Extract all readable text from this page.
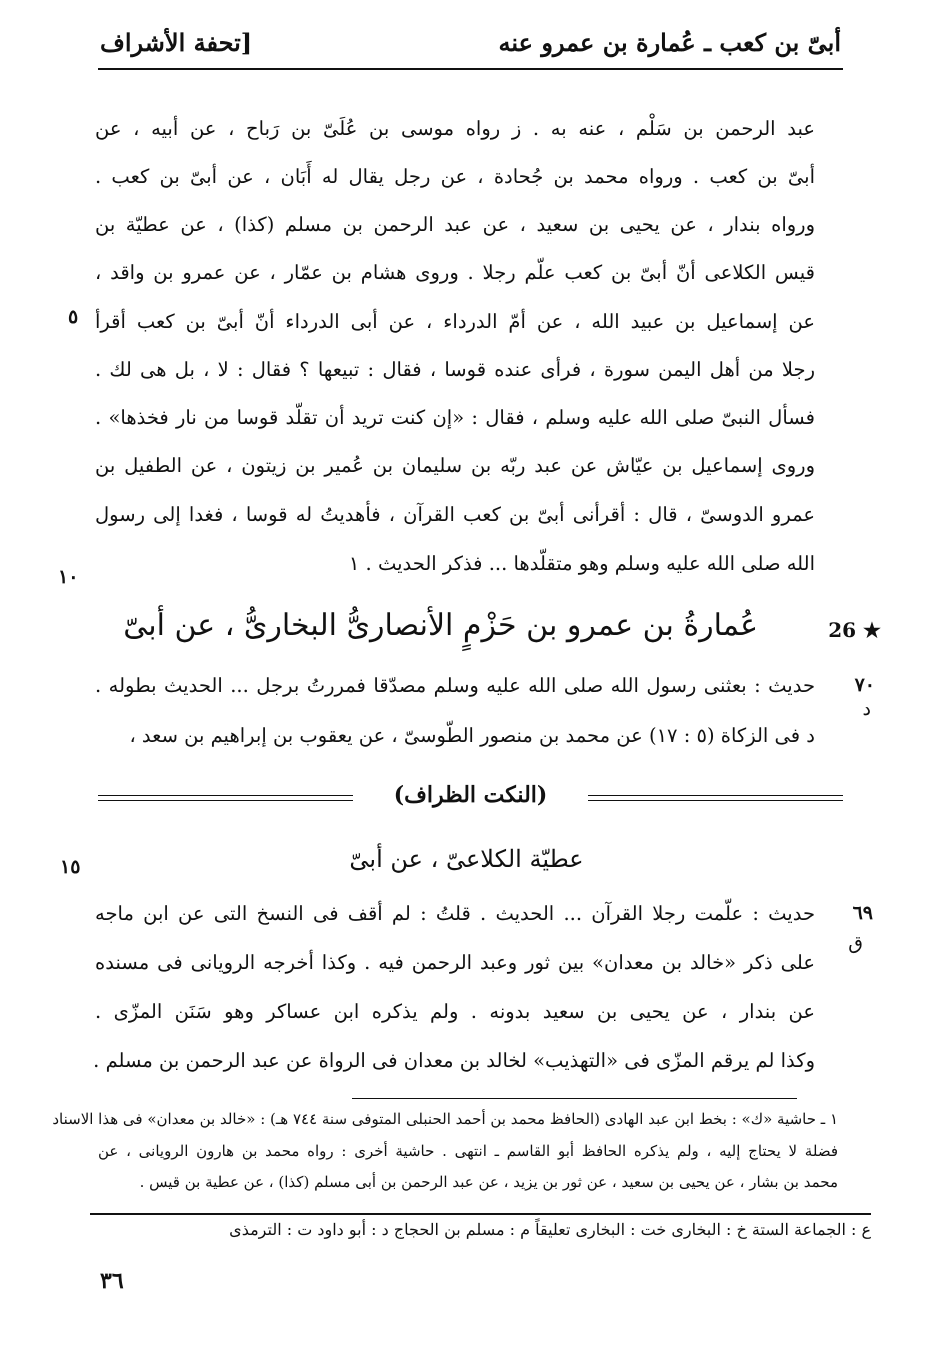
[تحفة الأشراف	أبىّ بن كعب ـ عُمارة بن عمرو عنه
عبد الرحمن بن سَلْم ، عنه به . ز رواه موسى بن عُلَىّ بن رَباح ، عن أبيه ، عن
أبىّ بن كعب . ورواه محمد بن جُحادة ، عن رجل يقال له أَبَان ، عن أبىّ بن كعب .
ورواه بندار ، عن يحيى بن سعيد ، عن عبد الرحمن بن مسلم (كذا) ، عن عطيّة بن
قيس الكلاعى أنّ أبىّ بن كعب علّم رجلا . وروى هشام بن عمّار ، عن عمرو بن واقد ،
عن إسماعيل بن عبيد الله ، عن أمّ الدرداء ، عن أبى الدرداء أنّ أبىّ بن كعب أقرأ
رجلا من أهل اليمن سورة ، فرأى عنده قوسا ، فقال : تبيعها ؟ فقال : لا ، بل هى لك .
فسأل النبىّ صلى الله عليه وسلم ، فقال : «إن كنت تريد أن تقلّد قوسا من نار فخذها» .
وروى إسماعيل بن عيّاش عن عبد ربّه بن سليمان بن عُمير بن زيتون ، عن الطفيل بن
عمرو الدوسىّ ، قال : أقرأنى أبىّ بن كعب القرآن ، فأهديتُ له قوسا ، فغدا إلى رسول
الله صلى الله عليه وسلم وهو متقلّدها ... فذكر الحديث . ١
٥
١٠
26 ★
عُمارةُ بن عمرو بن حَزْمٍ الأنصارىُّ البخارىُّ ، عن أبىّ
٧٠
د
حديث : بعثنى رسول الله صلى الله عليه وسلم مصدّقا فمررتُ برجل ... الحديث بطوله .
د فى الزكاة (٥ : ١٧) عن محمد بن منصور الطّوسىّ ، عن يعقوب بن إبراهيم بن سعد ،
(النكت الظراف)
عطيّة الكلاعىّ ، عن أبىّ
١٥
٦٩
ق
حديث : علّمت رجلا القرآن ... الحديث . قلتُ : لم أقف فى النسخ التى عن ابن ماجه
على ذكر «خالد بن معدان» بين ثور وعبد الرحمن فيه . وكذا أخرجه الرويانى فى مسنده
عن بندار ، عن يحيى بن سعيد بدونه . ولم يذكره ابن عساكر وهو سَنَن المزّى .
وكذا لم يرقم المزّى فى «التهذيب» لخالد بن معدان فى الرواة عن عبد الرحمن بن مسلم .
١ ـ حاشية «ك» : بخط ابن عبد الهادى (الحافظ محمد بن أحمد الحنبلى المتوفى سنة ٧٤٤ هـ) : «خالد بن معدان» فى هذا الاسناد
فضلة لا يحتاج إليه ، ولم يذكره الحافظ أبو القاسم ـ انتهى . حاشية أخرى : رواه محمد بن هارون الرويانى ، عن
محمد بن بشار ، عن يحيى بن سعيد ، عن ثور بن يزيد ، عن عبد الرحمن بن أبى مسلم (كذا) ، عن عطية بن قيس .
ع : الجماعة الستة خ : البخارى خت : البخارى تعليقاً م : مسلم بن الحجاج د : أبو داود ت : الترمذى
٣٦
